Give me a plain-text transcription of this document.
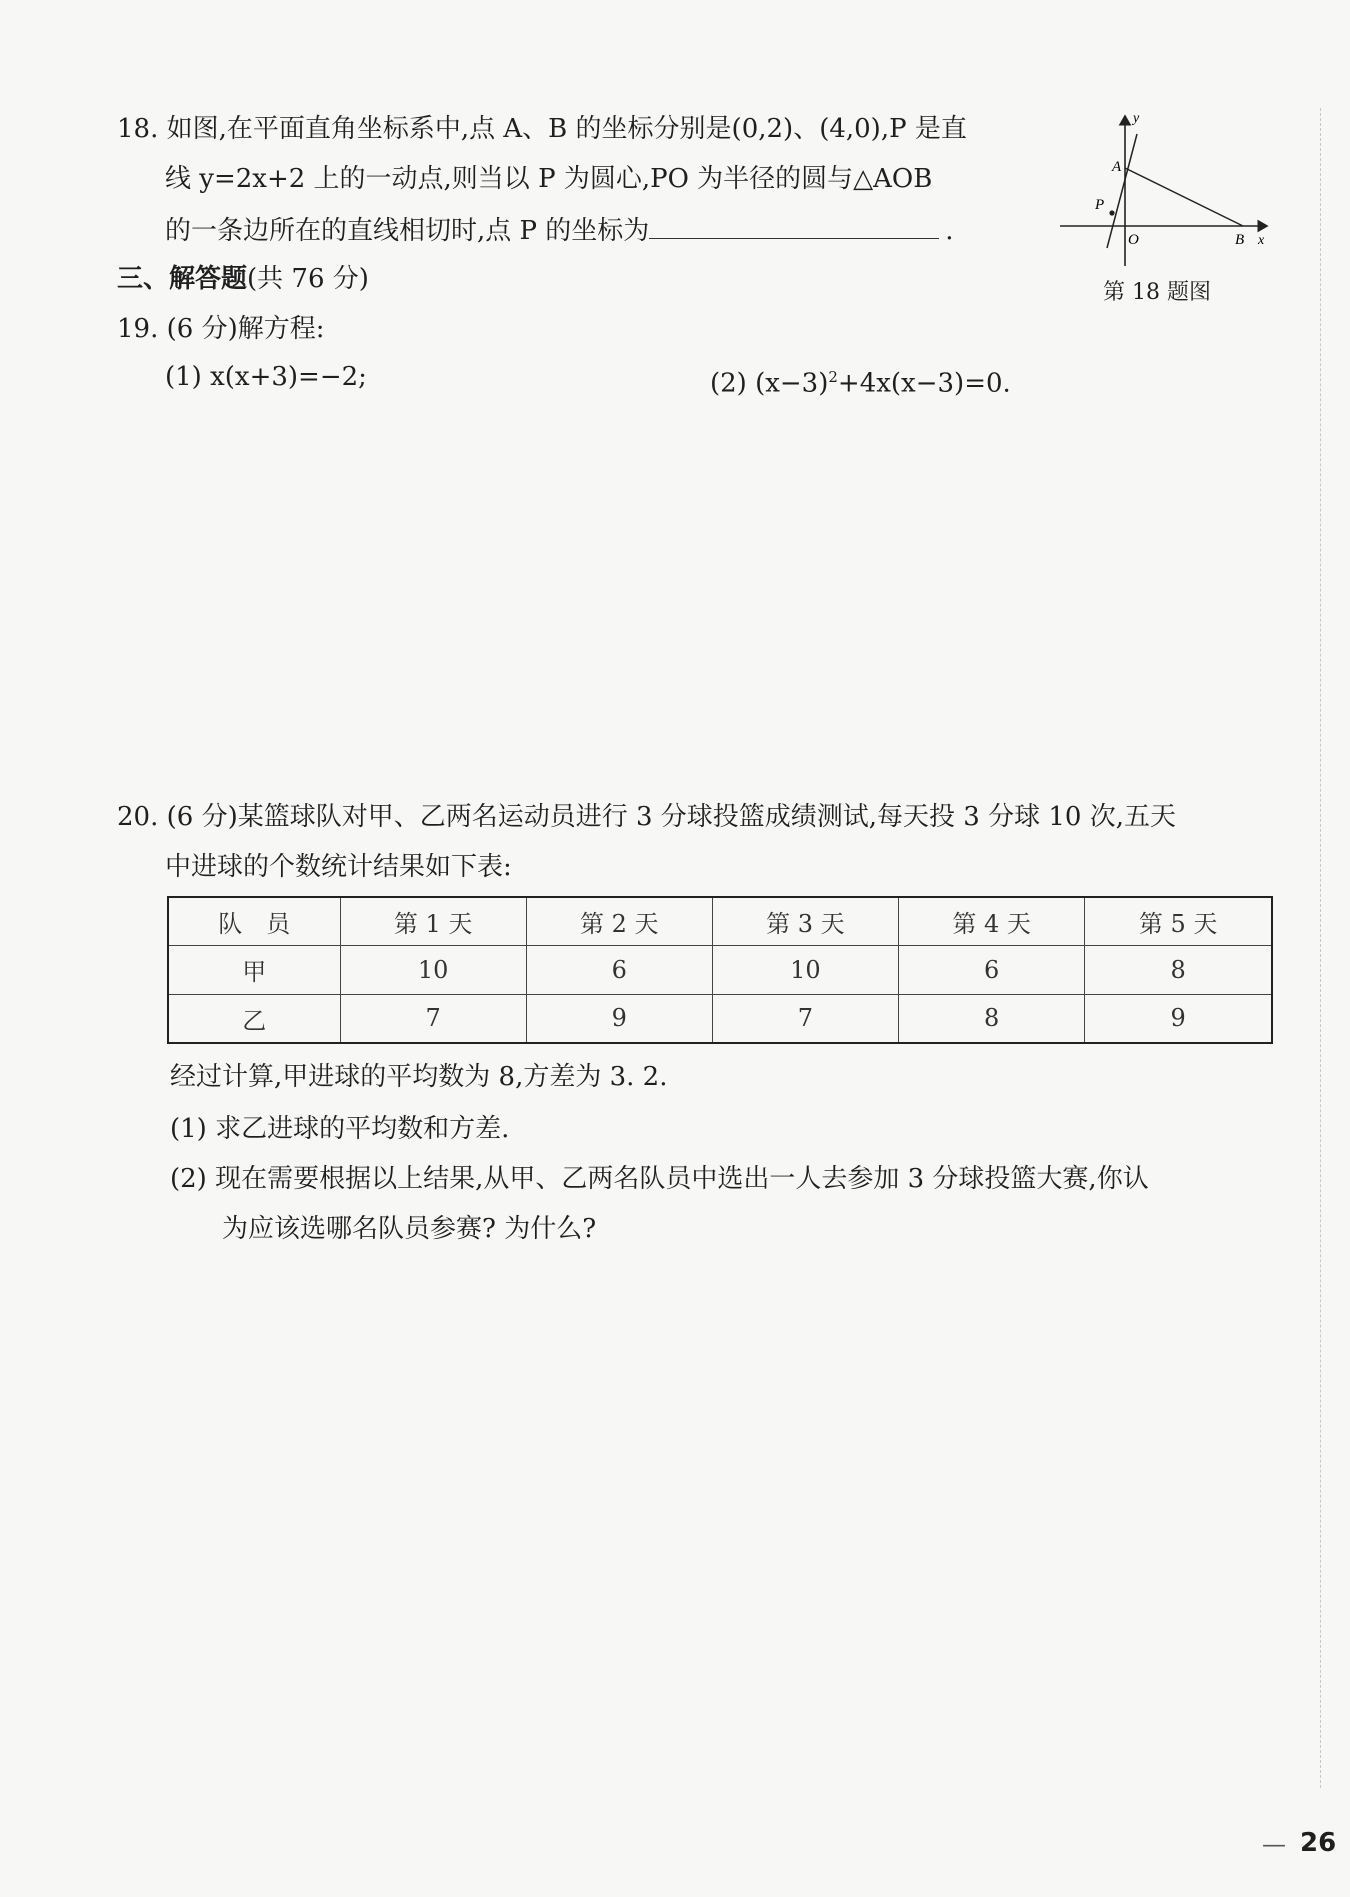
18. 如图,在平面直角坐标系中,点 A、B 的坐标分别是(0,2)、(4,0),P 是直
线 y=2x+2 上的一动点,则当以 P 为圆心,PO 为半径的圆与△AOB
的一条边所在的直线相切时,点 P 的坐标为	.
y
A
P
O	B x
第 18 题图
三、解答题(共 76 分)
19. (6 分)解方程:
(1) x(x+3)=−2;	(2) $(x-3)^2+4x(x-3)=0$.
20. (6 分)某篮球队对甲、乙两名运动员进行 3 分球投篮成绩测试,每天投 3 分球 10 次,五天
中进球的个数统计结果如下表:
队　员	第 1 天	第 2 天	第 3 天	第 4 天	第 5 天
甲	10	6	10	6	8
乙	7	9	7	8	9
经过计算,甲进球的平均数为 8,方差为 3. 2.
(1) 求乙进球的平均数和方差.
(2) 现在需要根据以上结果,从甲、乙两名队员中选出一人去参加 3 分球投篮大赛,你认
为应该选哪名队员参赛? 为什么?
— 26
